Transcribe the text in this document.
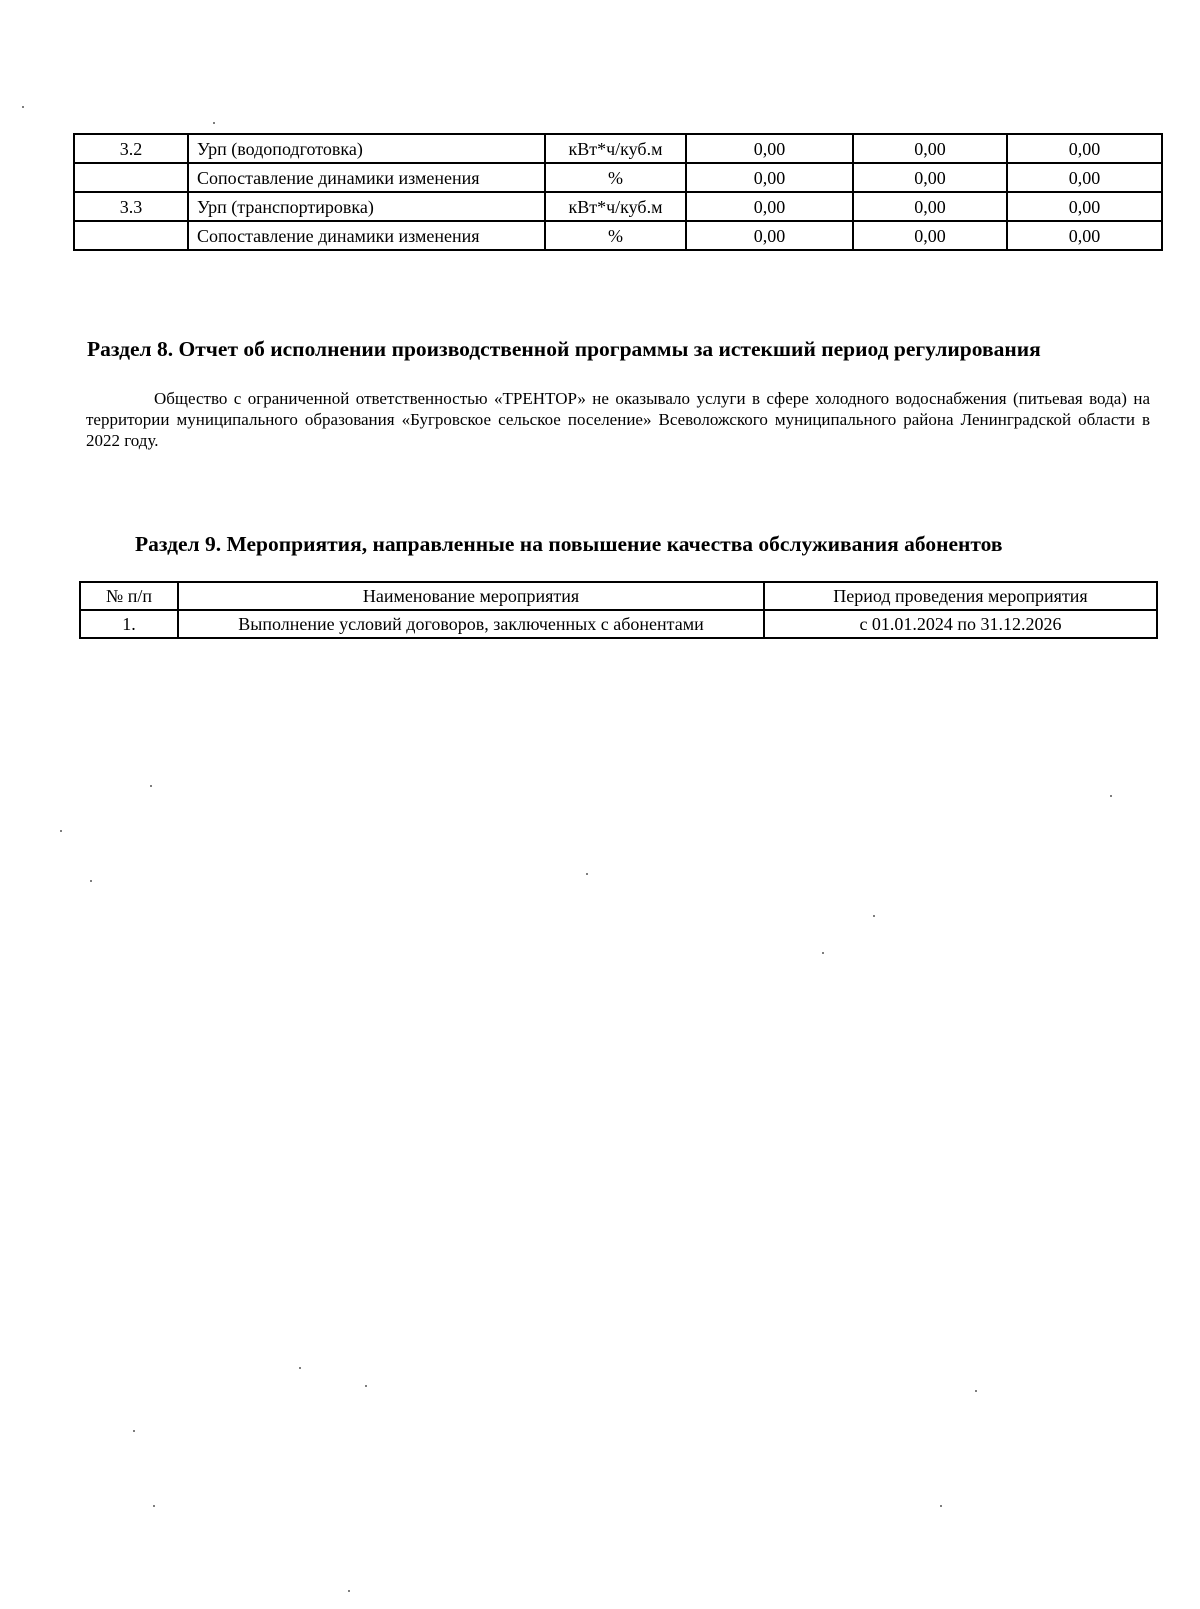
3.2	Урп (водоподготовка)	кВт*ч/куб.м	0,00	0,00	0,00
	Сопоставление динамики изменения	%	0,00	0,00	0,00
3.3	Урп (транспортировка)	кВт*ч/куб.м	0,00	0,00	0,00
	Сопоставление динамики изменения	%	0,00	0,00	0,00
Раздел 8. Отчет об исполнении производственной программы за истекший период регулирования

Общество с ограниченной ответственностью «ТРЕНТОР» не оказывало услуги в сфере холодного водоснабжения (питьевая вода) на территории муниципального образования «Бугровское сельское поселение» Всеволожского муниципального района Ленинградской области в 2022 году.

Раздел 9. Мероприятия, направленные на повышение качества обслуживания абонентов
№ п/п	Наименование мероприятия	Период проведения мероприятия
1.	Выполнение условий договоров, заключенных с абонентами	с 01.01.2024 по 31.12.2026
